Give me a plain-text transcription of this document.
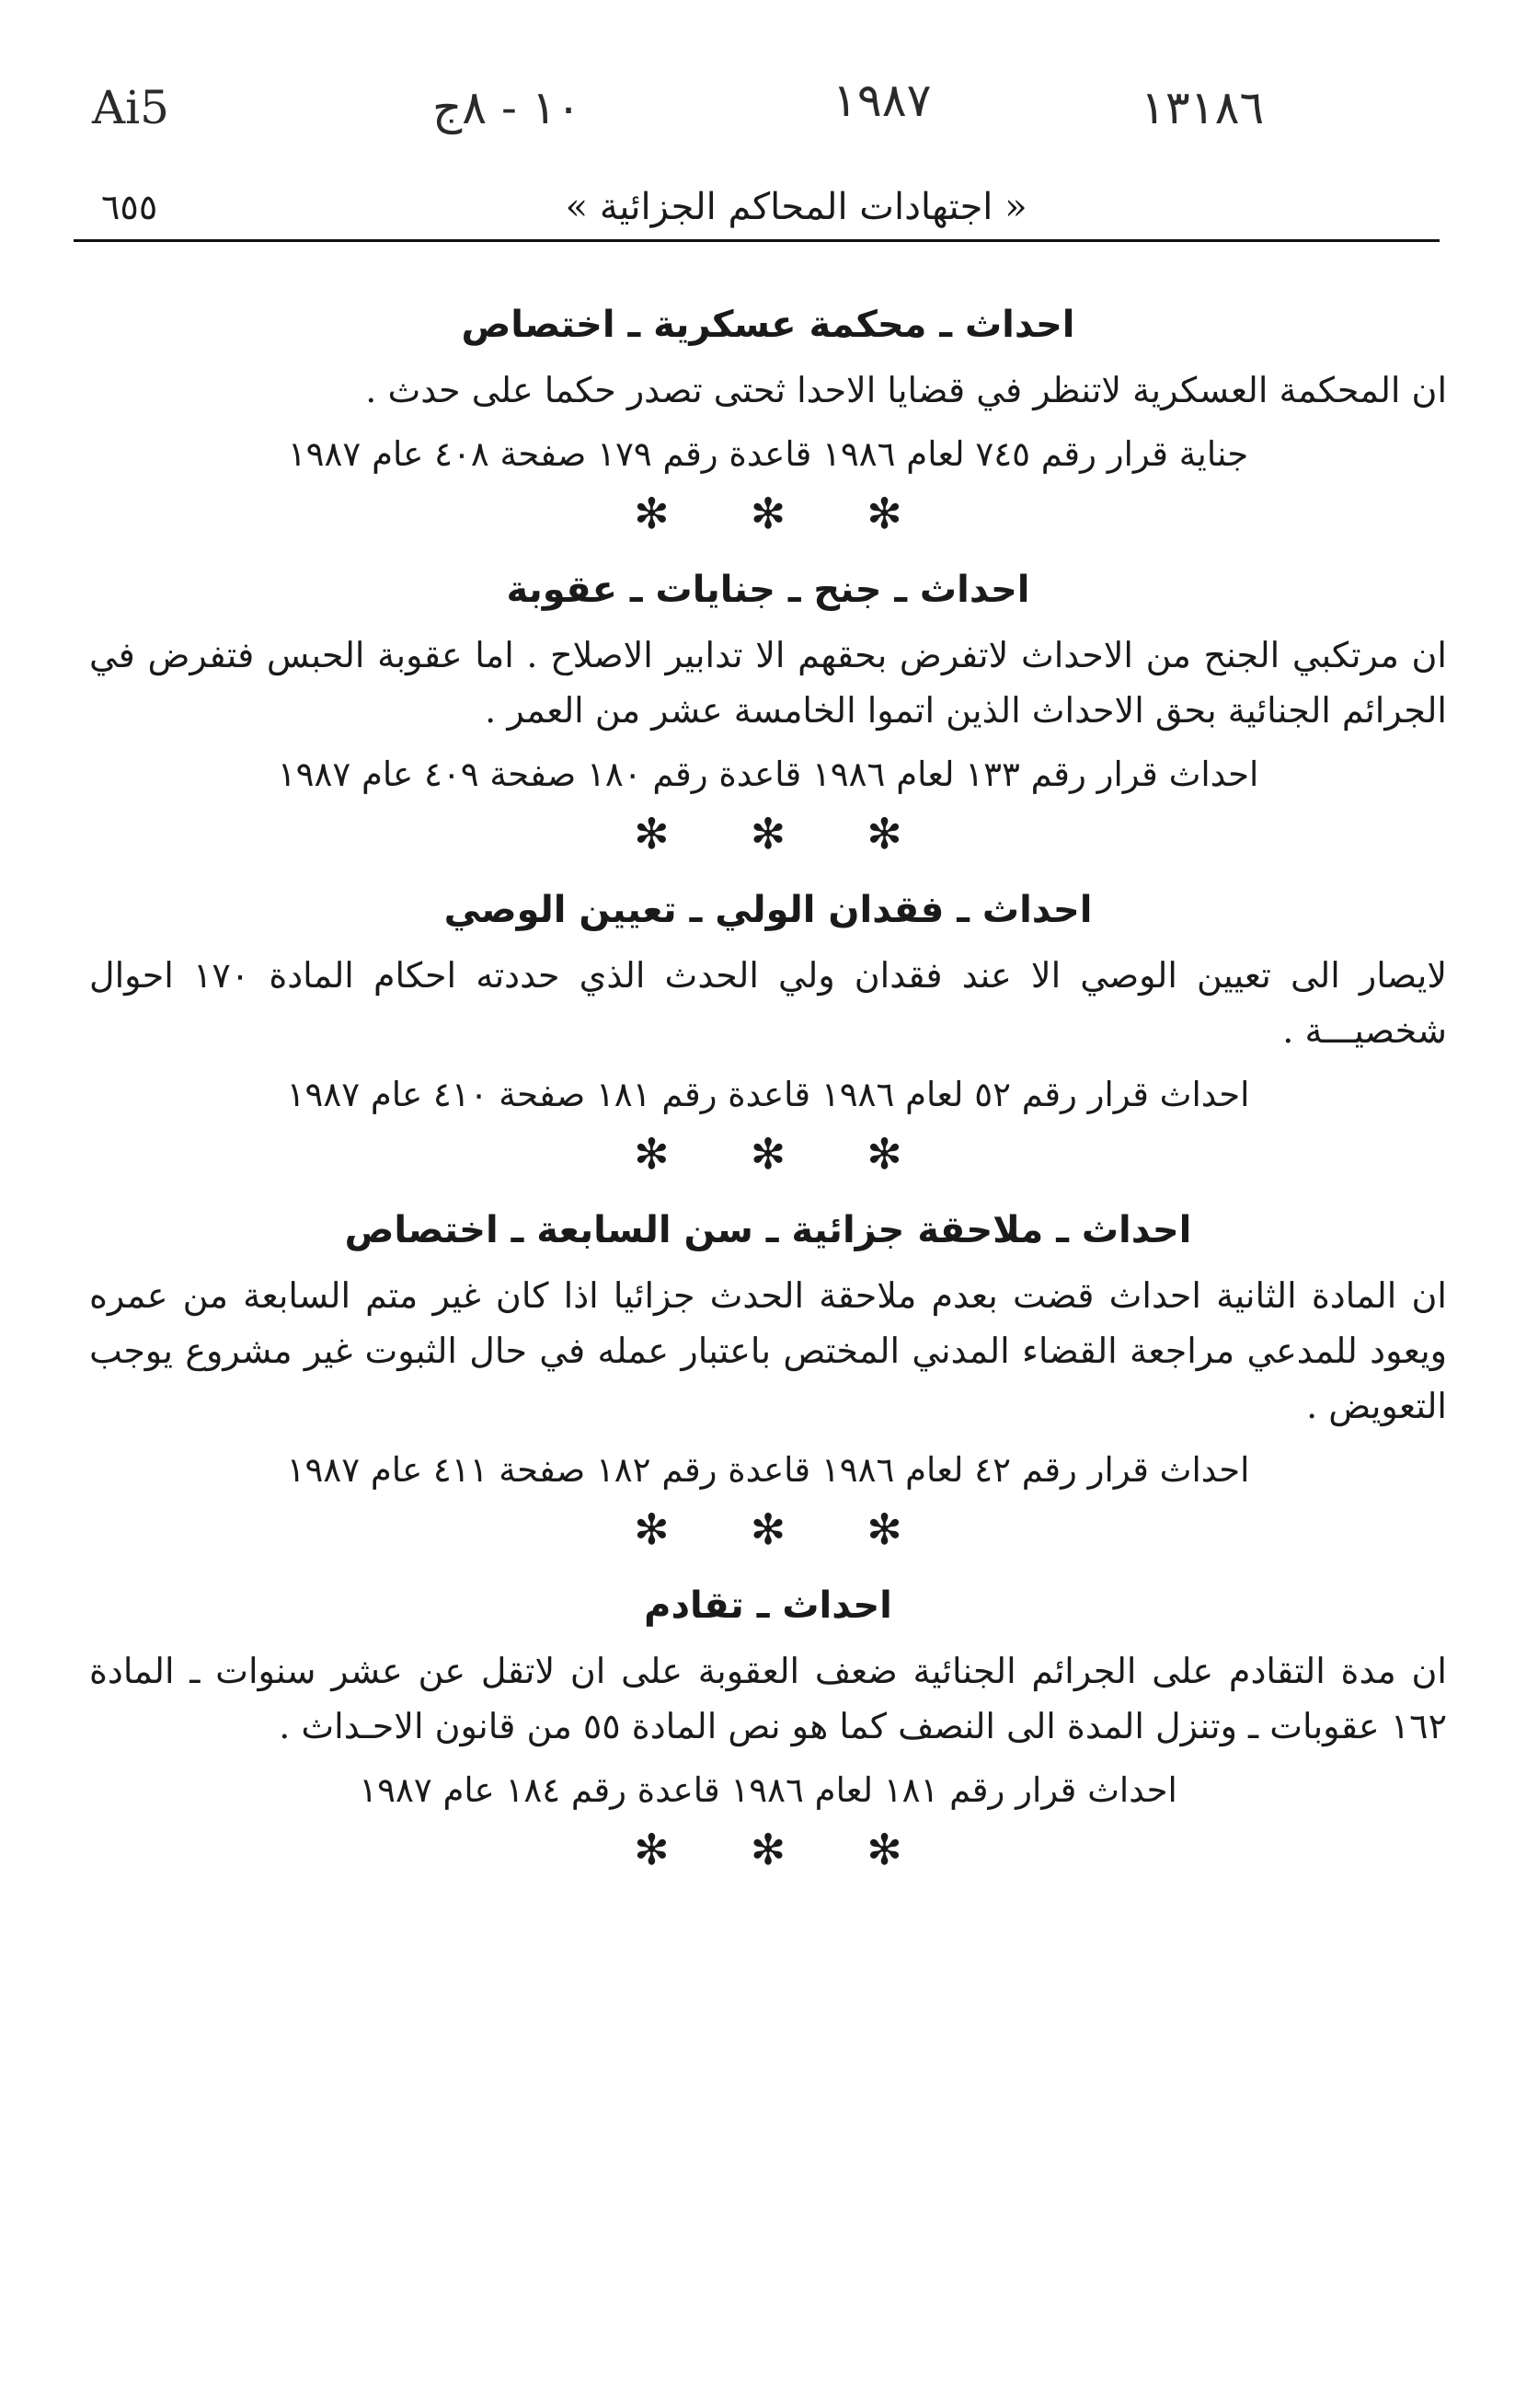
Ai5	١٠ - ٨ج	١٩٨٧	١٣١٨٦
٦٥٥	« اجتهادات المحاكم الجزائية »
احداث ـ محكمة عسكرية ـ اختصاص

ان المحكمة العسكرية لاتنظر في قضايا الاحدا ثحتى تصدر حكما على حدث .

جناية قرار رقم ٧٤٥ لعام ١٩٨٦ قاعدة رقم ١٧٩ صفحة ٤٠٨ عام ١٩٨٧

✻✻✻
احداث ـ جنح ـ جنايات ـ عقوبة

ان مرتكبي الجنح من الاحداث لاتفرض بحقهم الا تدابير الاصلاح . اما عقوبة الحبس فتفرض في الجرائم الجنائية بحق الاحداث الذين اتموا الخامسة عشر من العمر .

احداث قرار رقم ١٣٣ لعام ١٩٨٦ قاعدة رقم ١٨٠ صفحة ٤٠٩ عام ١٩٨٧

✻✻✻
احداث ـ فقدان الولي ـ تعيين الوصي

لايصار الى تعيين الوصي الا عند فقدان ولي الحدث الذي حددته احكام المادة ١٧٠ احوال شخصيـــة .

احداث قرار رقم ٥٢ لعام ١٩٨٦ قاعدة رقم ١٨١ صفحة ٤١٠ عام ١٩٨٧

✻✻✻
احداث ـ ملاحقة جزائية ـ سن السابعة ـ اختصاص

ان المادة الثانية احداث قضت بعدم ملاحقة الحدث جزائيا اذا كان غير متم السابعة من عمره ويعود للمدعي مراجعة القضاء المدني المختص باعتبار عمله في حال الثبوت غير مشروع يوجب التعويض .

احداث قرار رقم ٤٢ لعام ١٩٨٦ قاعدة رقم ١٨٢ صفحة ٤١١ عام ١٩٨٧

✻✻✻
احداث ـ تقادم

ان مدة التقادم على الجرائم الجنائية ضعف العقوبة على ان لاتقل عن عشر سنوات ـ المادة ١٦٢ عقوبات ـ وتنزل المدة الى النصف كما هو نص المادة ٥٥ من قانون الاحـداث .

احداث قرار رقم ١٨١ لعام ١٩٨٦ قاعدة رقم ١٨٤ عام ١٩٨٧

✻✻✻
